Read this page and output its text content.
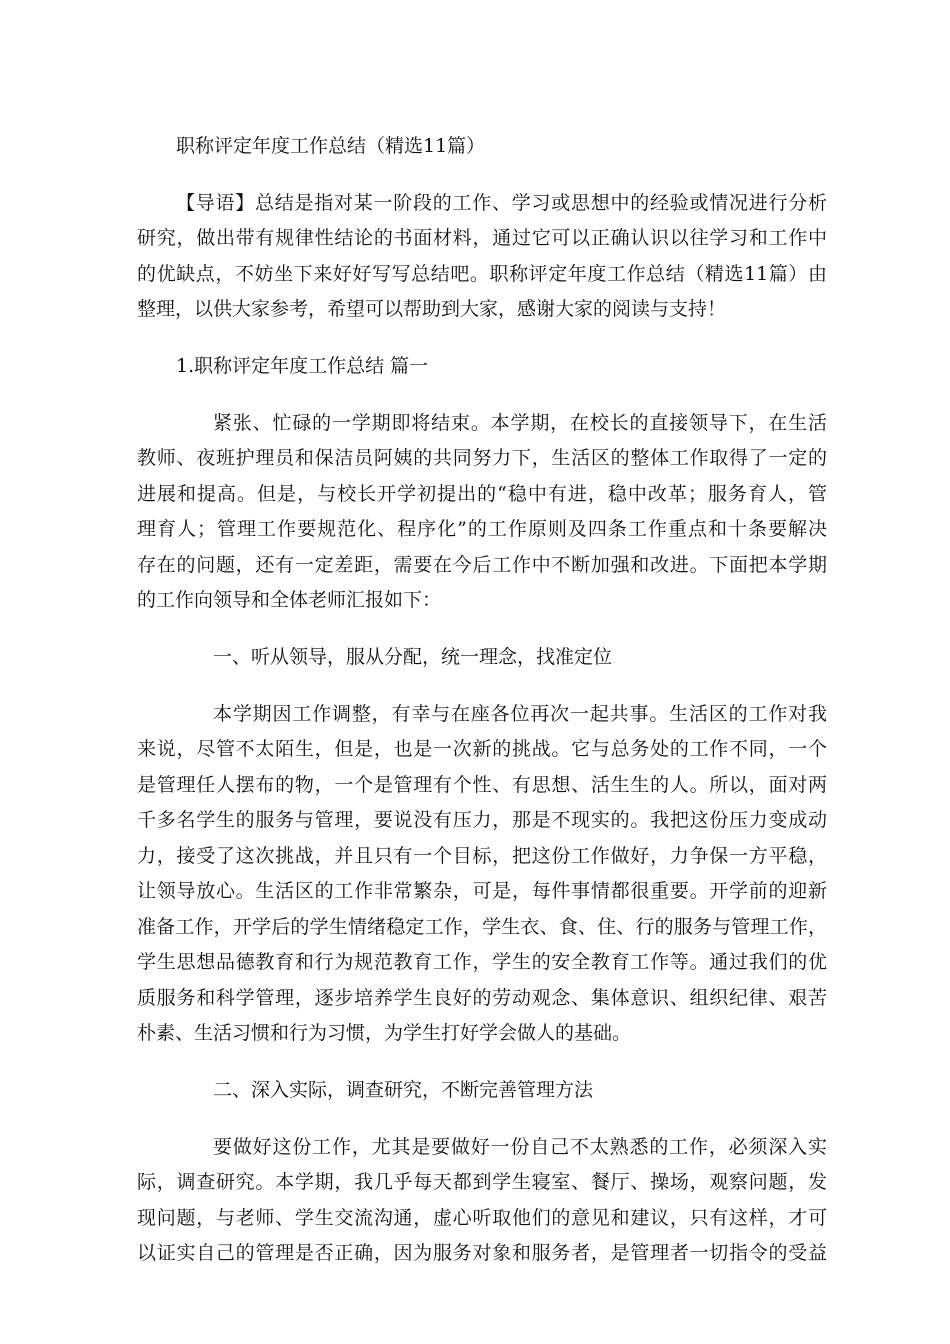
职称评定年度工作总结（精选11篇）
【导语】总结是指对某一阶段的工作、学习或思想中的经验或情况进行分析
研究，做出带有规律性结论的书面材料，通过它可以正确认识以往学习和工作中
的优缺点，不妨坐下来好好写写总结吧。职称评定年度工作总结（精选11篇）由
整理，以供大家参考，希望可以帮助到大家，感谢大家的阅读与支持！
1.职称评定年度工作总结 篇一
紧张、忙碌的一学期即将结束。本学期，在校长的直接领导下，在生活
教师、夜班护理员和保洁员阿姨的共同努力下，生活区的整体工作取得了一定的
进展和提高。但是，与校长开学初提出的“稳中有进，稳中改革；服务育人，管
理育人；管理工作要规范化、程序化”的工作原则及四条工作重点和十条要解决
存在的问题，还有一定差距，需要在今后工作中不断加强和改进。下面把本学期
的工作向领导和全体老师汇报如下：
一、听从领导，服从分配，统一理念，找准定位
本学期因工作调整，有幸与在座各位再次一起共事。生活区的工作对我
来说，尽管不太陌生，但是，也是一次新的挑战。它与总务处的工作不同，一个
是管理任人摆布的物，一个是管理有个性、有思想、活生生的人。所以，面对两
千多名学生的服务与管理，要说没有压力，那是不现实的。我把这份压力变成动
力，接受了这次挑战，并且只有一个目标，把这份工作做好，力争保一方平稳，
让领导放心。生活区的工作非常繁杂，可是，每件事情都很重要。开学前的迎新
准备工作，开学后的学生情绪稳定工作，学生衣、食、住、行的服务与管理工作，
学生思想品德教育和行为规范教育工作，学生的安全教育工作等。通过我们的优
质服务和科学管理，逐步培养学生良好的劳动观念、集体意识、组织纪律、艰苦
朴素、生活习惯和行为习惯，为学生打好学会做人的基础。
二、深入实际，调查研究，不断完善管理方法
要做好这份工作，尤其是要做好一份自己不太熟悉的工作，必须深入实
际，调查研究。本学期，我几乎每天都到学生寝室、餐厅、操场，观察问题，发
现问题，与老师、学生交流沟通，虚心听取他们的意见和建议，只有这样，才可
以证实自己的管理是否正确，因为服务对象和服务者，是管理者一切指令的受益
